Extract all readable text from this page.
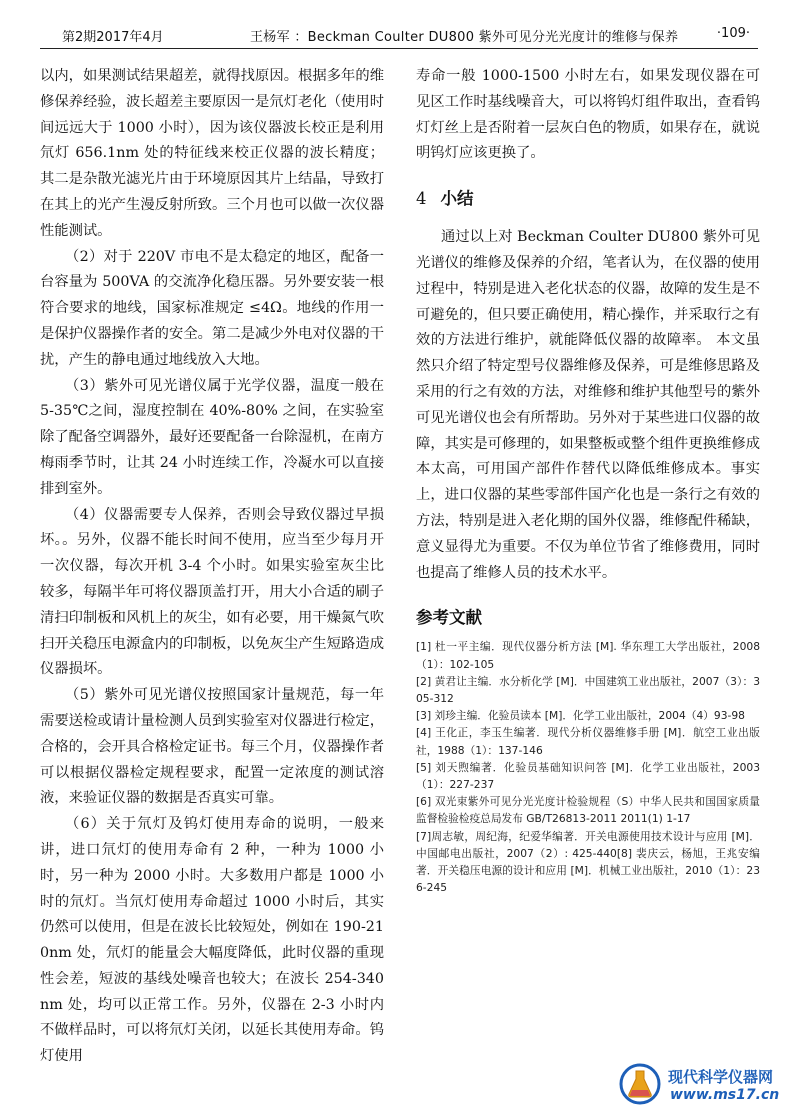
第2期2017年4月	王杨军 ：Beckman Coulter DU800 紫外可见分光光度计的维修与保养	·109·

以内，如果测试结果超差，就得找原因。根据多年的维修保养经验，波长超差主要原因一是氘灯老化（使用时间远远大于 1000 小时），因为该仪器波长校正是利用氘灯 656.1nm 处的特征线来校正仪器的波长精度；其二是杂散光滤光片由于环境原因其片上结晶，导致打在其上的光产生漫反射所致。三个月也可以做一次仪器性能测试。

（2）对于 220V 市电不是太稳定的地区，配备一台容量为 500VA 的交流净化稳压器。另外要安装一根符合要求的地线，国家标准规定 ≤4Ω。地线的作用一是保护仪器操作者的安全。第二是减少外电对仪器的干扰，产生的静电通过地线放入大地。

（3）紫外可见光谱仪属于光学仪器，温度一般在 5-35℃之间，湿度控制在 40%-80% 之间，在实验室除了配备空调器外，最好还要配备一台除湿机，在南方梅雨季节时，让其 24 小时连续工作，冷凝水可以直接排到室外。

（4）仪器需要专人保养，否则会导致仪器过早损坏。。另外，仪器不能长时间不使用，应当至少每月开一次仪器，每次开机 3-4 个小时。如果实验室灰尘比较多，每隔半年可将仪器顶盖打开，用大小合适的刷子清扫印制板和风机上的灰尘，如有必要，用干燥氮气吹扫开关稳压电源盒内的印制板，以免灰尘产生短路造成仪器损坏。

（5）紫外可见光谱仪按照国家计量规范，每一年需要送检或请计量检测人员到实验室对仪器进行检定，合格的，会开具合格检定证书。每三个月，仪器操作者可以根据仪器检定规程要求，配置一定浓度的测试溶液，来验证仪器的数据是否真实可靠。

（6）关于氘灯及钨灯使用寿命的说明，一般来讲，进口氘灯的使用寿命有 2 种，一种为 1000 小时，另一种为 2000 小时。大多数用户都是 1000 小时的氘灯。当氘灯使用寿命超过 1000 小时后，其实仍然可以使用，但是在波长比较短处，例如在 190-210nm 处，氘灯的能量会大幅度降低，此时仪器的重现性会差，短波的基线处噪音也较大；在波长 254-340nm 处，均可以正常工作。另外，仪器在 2-3 小时内不做样品时，可以将氘灯关闭，以延长其使用寿命。钨灯使用

寿命一般 1000-1500 小时左右，如果发现仪器在可见区工作时基线噪音大，可以将钨灯组件取出，查看钨灯灯丝上是否附着一层灰白色的物质，如果存在，就说明钨灯应该更换了。

4 小结

通过以上对 Beckman Coulter DU800 紫外可见光谱仪的维修及保养的介绍，笔者认为，在仪器的使用过程中，特别是进入老化状态的仪器，故障的发生是不可避免的，但只要正确使用，精心操作，并采取行之有效的方法进行维护，就能降低仪器的故障率。 本文虽然只介绍了特定型号仪器维修及保养，可是维修思路及采用的行之有效的方法，对维修和维护其他型号的紫外可见光谱仪也会有所帮助。另外对于某些进口仪器的故障，其实是可修理的，如果整板或整个组件更换维修成本太高，可用国产部件作替代以降低维修成本。事实上，进口仪器的某些零部件国产化也是一条行之有效的方法，特别是进入老化期的国外仪器，维修配件稀缺，意义显得尤为重要。不仅为单位节省了维修费用，同时也提高了维修人员的技术水平。

参考文献
[1] 杜一平主编．现代仪器分析方法 [M]. 华东理工大学出版社，2008（1）：102-105
[2] 黄君让主编．水分析化学 [M]．中国建筑工业出版社，2007（3）：305-312
[3] 刘珍主编．化验员读本 [M]．化学工业出版社，2004（4）93-98
[4] 王化正，李玉生编著．现代分析仪器维修手册 [M]．航空工业出版社，1988（1）：137-146
[5] 刘天煦编著．化验员基础知识问答 [M]．化学工业出版社，2003（1）：227-237
[6] 双光束紫外可见分光光度计检验规程（S）中华人民共和国国家质量监督检验检疫总局发布 GB/T26813-2011 2011(1) 1-17
[7]周志敏，周纪海，纪爱华编著．开关电源使用技术设计与应用 [M]．中国邮电出版社，2007（2）: 425-440[8] 裴庆云，杨旭，王兆安编著．开关稳压电源的设计和应用 [M]．机械工业出版社，2010（1）：236-245
现代科学仪器网
www.ms17.cn
